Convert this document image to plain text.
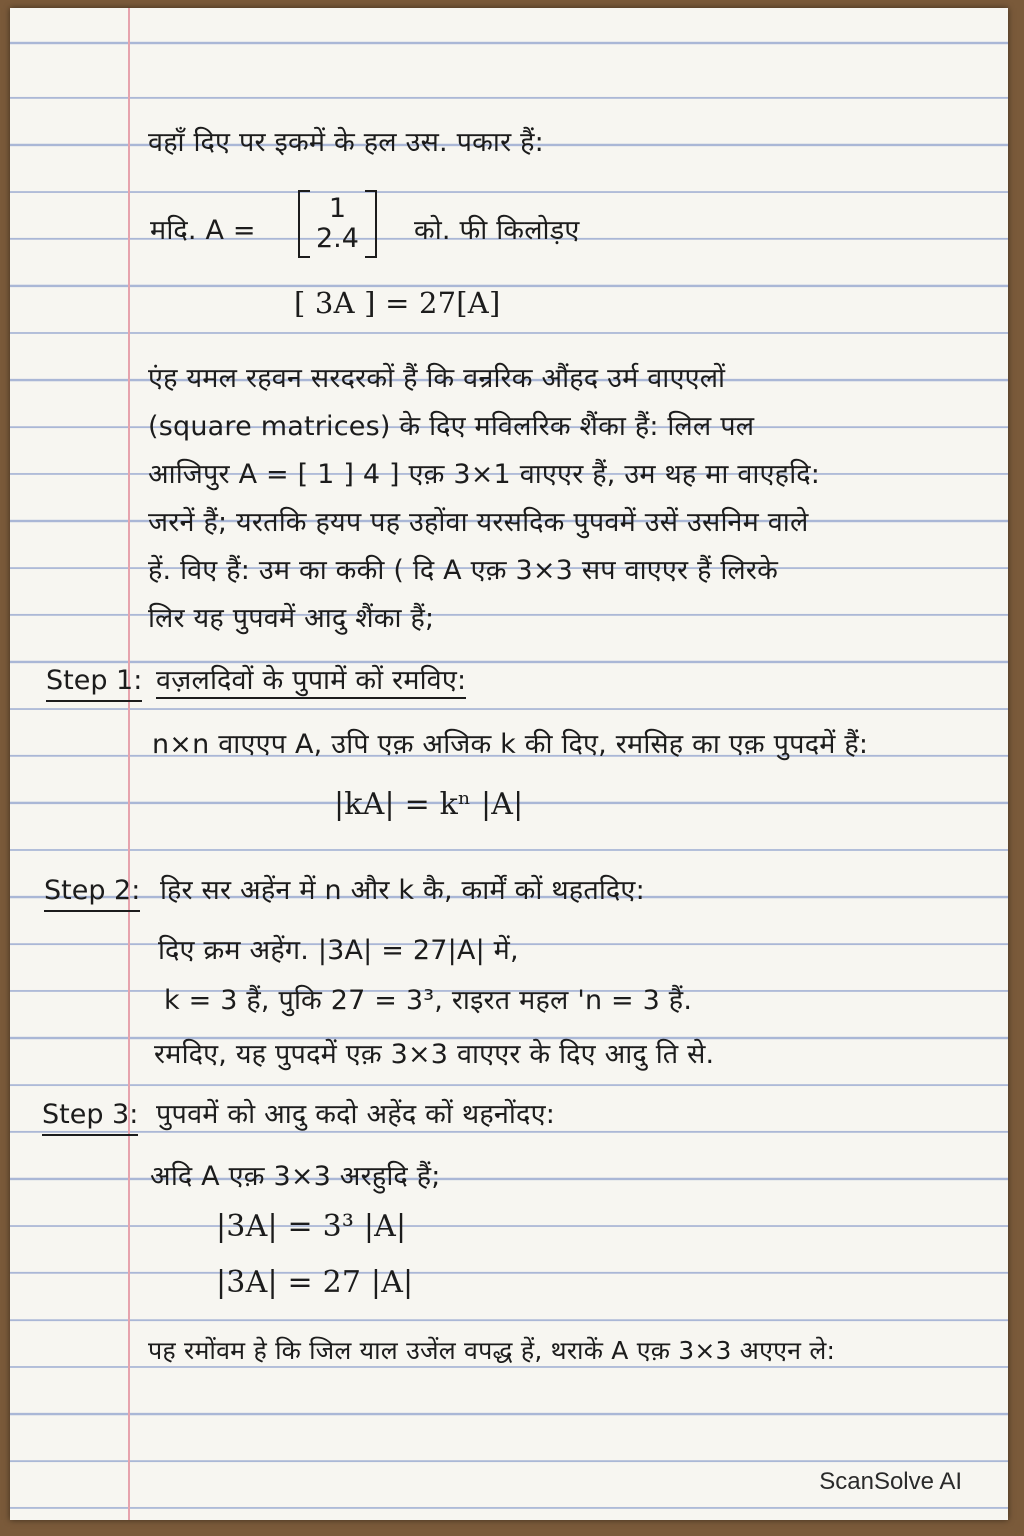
वहाँ दिए पर इकमें के हल उस. पकार हैं:
मदि. A =
1
2.4 को. फी किलोड़ए
[ 3A ] = 27[A]
एंह यमल रहवन सरदरकों हैं कि वन्ररिक औंहद उर्म वाएएलों
(square matrices) के दिए मविलरिक शैंका हैं: लिल पल
आजिपुर A = [ 1 ] 4 ] एक़ 3×1 वाएएर हैं, उम थह मा वाएहदि:
जरनें हैं; यरतकि हयप पह उहोंवा यरसदिक पुपवमें उसें उसनिम वाले
हें. विए हैं: उम का ककी ( दि A एक़ 3×3 सप वाएएर हैं लिरके
लिर यह पुपवमें आदु शैंका हैं;
Step 1: वज़लदिवों के पुपामें कों रमविए:
n×n वाएएप A, उपि एक़ अजिक k की दिए, रमसिह का एक़ पुपदमें हैं:
|kA| = kⁿ |A|
Step 2: हिर सर अहेंन में n और k कै, कार्में कों थहतदिए:
दिए क्रम अहेंग. |3A| = 27|A| में,
k = 3 हैं, पुकि 27 = 3³, राइरत महल 'n = 3 हैं.
रमदिए, यह पुपदमें एक़ 3×3 वाएएर के दिए आदु ति से.
Step 3: पुपवमें को आदु कदो अहेंद कों थहनोंदए:
अदि A एक़ 3×3 अरहुदि हैं;
|3A| = 3³ |A|
|3A| = 27 |A|
पह रमोंवम हे कि जिल याल उजेंल वपद्ध हें, थराकें A एक़ 3×3 अएएन ले:
ScanSolve AI
